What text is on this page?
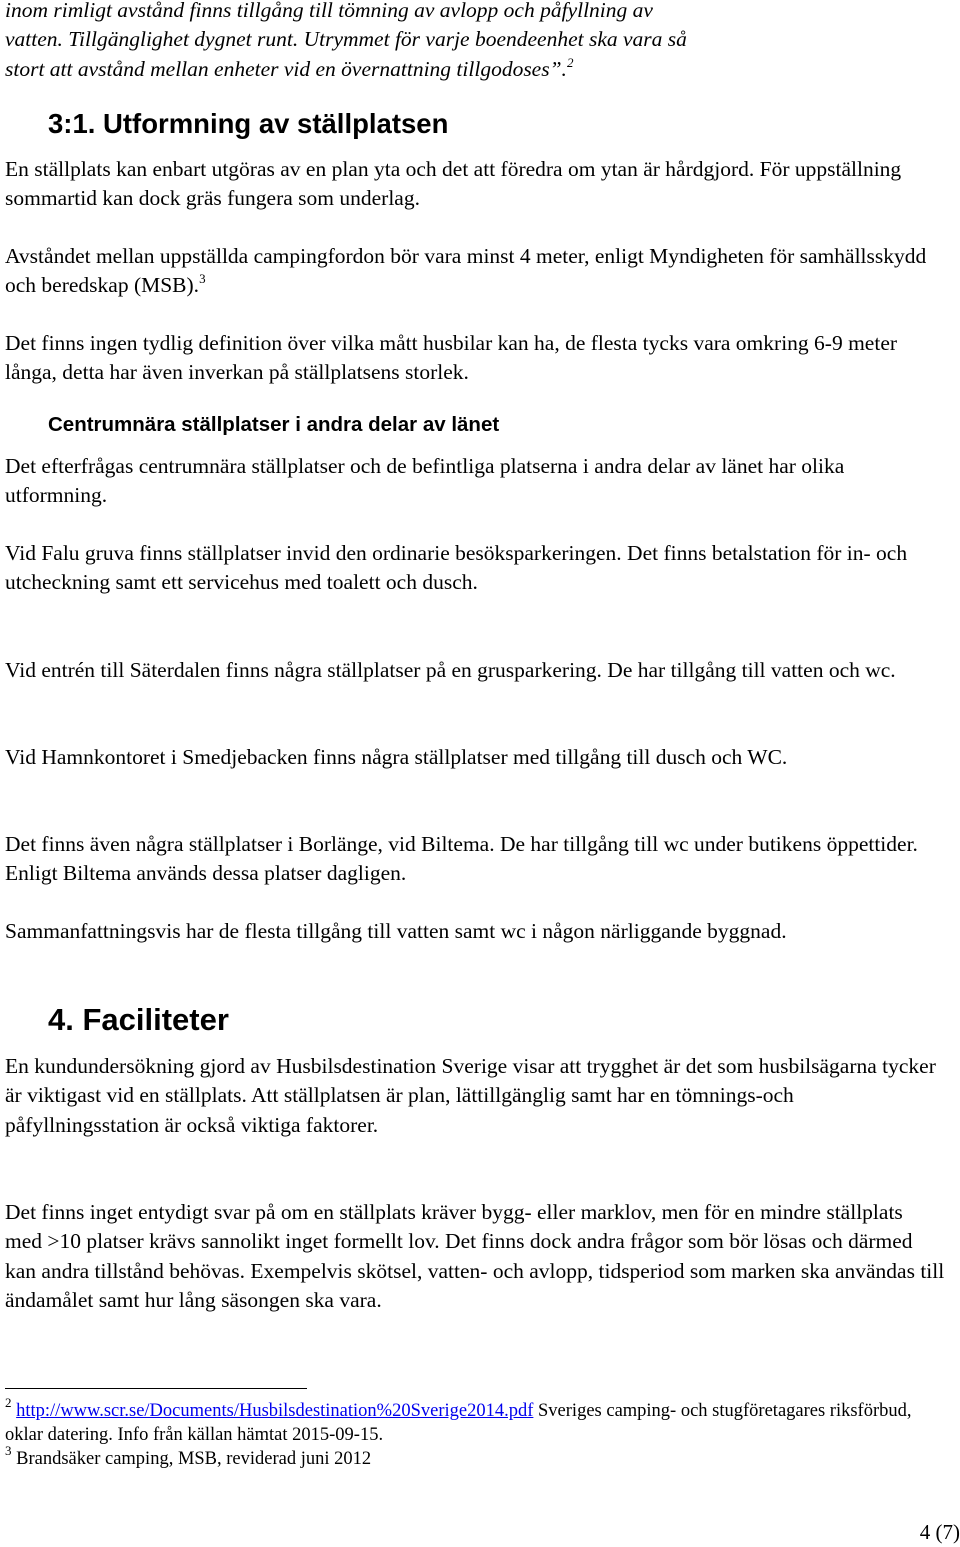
inom rimligt avstånd finns tillgång till tömning av avlopp och påfyllning av
vatten. Tillgänglighet dygnet runt. Utrymmet för varje boendeenhet ska vara så
stort att avstånd mellan enheter vid en övernattning tillgodoses”.$^2$

3:1. Utformning av ställplatsen

En ställplats kan enbart utgöras av en plan yta och det att föredra om ytan är hårdgjord. För uppställning sommartid kan dock gräs fungera som underlag.

Avståndet mellan uppställda campingfordon bör vara minst 4 meter, enligt Myndigheten för samhällsskydd och beredskap (MSB).$^3$

Det finns ingen tydlig definition över vilka mått husbilar kan ha, de flesta tycks vara omkring 6-9 meter långa, detta har även inverkan på ställplatsens storlek.

Centrumnära ställplatser i andra delar av länet

Det efterfrågas centrumnära ställplatser och de befintliga platserna i andra delar av länet har olika utformning.

Vid Falu gruva finns ställplatser invid den ordinarie besöksparkeringen. Det finns betalstation för in- och utcheckning samt ett servicehus med toalett och dusch.

Vid entrén till Säterdalen finns några ställplatser på en grusparkering. De har tillgång till vatten och wc.

Vid Hamnkontoret i Smedjebacken finns några ställplatser med tillgång till dusch och WC.

Det finns även några ställplatser i Borlänge, vid Biltema. De har tillgång till wc under butikens öppettider. Enligt Biltema används dessa platser dagligen.

Sammanfattningsvis har de flesta tillgång till vatten samt wc i någon närliggande byggnad.

4. Faciliteter

En kundundersökning gjord av Husbilsdestination Sverige visar att trygghet är det som husbilsägarna tycker är viktigast vid en ställplats. Att ställplatsen är plan, lättillgänglig samt har en tömnings-och påfyllningsstation är också viktiga faktorer.

Det finns inget entydigt svar på om en ställplats kräver bygg- eller marklov, men för en mindre ställplats med >10 platser krävs sannolikt inget formellt lov. Det finns dock andra frågor som bör lösas och därmed kan andra tillstånd behövas. Exempelvis skötsel, vatten- och avlopp, tidsperiod som marken ska användas till ändamålet samt hur lång säsongen ska vara.

$^2$ http://www.scr.se/Documents/Husbilsdestination%20Sverige2014.pdf Sveriges camping- och stugföretagares riksförbud, oklar datering. Info från källan hämtat 2015-09-15.

$^3$ Brandsäker camping, MSB, reviderad juni 2012

4 (7)
